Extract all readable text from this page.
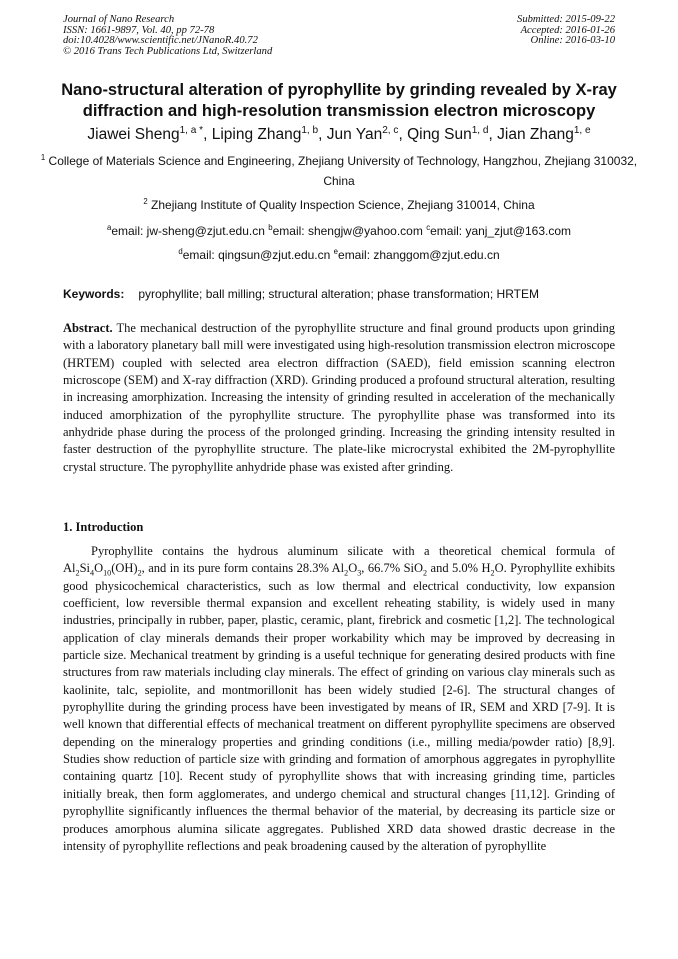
Journal of Nano Research
ISSN: 1661-9897, Vol. 40, pp 72-78
doi:10.4028/www.scientific.net/JNanoR.40.72
© 2016 Trans Tech Publications Ltd, Switzerland
Submitted: 2015-09-22
Accepted: 2016-01-26
Online: 2016-03-10
Nano-structural alteration of pyrophyllite by grinding revealed by X-ray diffraction and high-resolution transmission electron microscopy
Jiawei Sheng$^{1, a *}$, Liping Zhang$^{1, b}$, Jun Yan$^{2, c}$, Qing Sun$^{1, d}$, Jian Zhang$^{1, e}$
$^1$ College of Materials Science and Engineering, Zhejiang University of Technology, Hangzhou, Zhejiang 310032, China
$^2$ Zhejiang Institute of Quality Inspection Science, Zhejiang 310014, China
$^a$email: jw-sheng@zjut.edu.cn $^b$email: shengjw@yahoo.com $^c$email: yanj_zjut@163.com
$^d$email: qingsun@zjut.edu.cn $^e$email: zhanggom@zjut.edu.cn
Keywords: pyrophyllite; ball milling; structural alteration; phase transformation; HRTEM
Abstract. The mechanical destruction of the pyrophyllite structure and final ground products upon grinding with a laboratory planetary ball mill were investigated using high-resolution transmission electron microscope (HRTEM) coupled with selected area electron diffraction (SAED), field emission scanning electron microscope (SEM) and X-ray diffraction (XRD). Grinding produced a profound structural alteration, resulting in increasing amorphization. Increasing the intensity of grinding resulted in acceleration of the mechanically induced amorphization of the pyrophyllite structure. The pyrophyllite phase was transformed into its anhydride phase during the process of the prolonged grinding. Increasing the grinding intensity resulted in faster destruction of the pyrophyllite structure. The plate-like microcrystal exhibited the 2M-pyrophyllite crystal structure. The pyrophyllite anhydride phase was existed after grinding.
1. Introduction
Pyrophyllite contains the hydrous aluminum silicate with a theoretical chemical formula of $Al_2Si_4O_{10}(OH)_2$, and in its pure form contains 28.3% $Al_2O_3$, 66.7% SiO$_2$ and 5.0% $H_2O$. Pyrophyllite exhibits good physicochemical characteristics, such as low thermal and electrical conductivity, low expansion coefficient, low reversible thermal expansion and excellent reheating stability, is widely used in many industries, principally in rubber, paper, plastic, ceramic, plant, firebrick and cosmetic [1,2]. The technological application of clay minerals demands their proper workability which may be improved by decreasing in particle size. Mechanical treatment by grinding is a useful technique for generating desired products with fine structures from raw materials including clay minerals. The effect of grinding on various clay minerals such as kaolinite, talc, sepiolite, and montmorillonit has been widely studied [2-6]. The structural changes of pyrophyllite during the grinding process have been investigated by means of IR, SEM and XRD [7-9]. It is well known that differential effects of mechanical treatment on different pyrophyllite specimens are observed depending on the mineralogy properties and grinding conditions (i.e., milling media/powder ratio) [8,9]. Studies show reduction of particle size with grinding and formation of amorphous aggregates in pyrophyllite containing quartz [10]. Recent study of pyrophyllite shows that with increasing grinding time, particles initially break, then form agglomerates, and undergo chemical and structural changes [11,12]. Grinding of pyrophyllite significantly influences the thermal behavior of the material, by decreasing its particle size or produces amorphous alumina silicate aggregates. Published XRD data showed drastic decrease in the intensity of pyrophyllite reflections and peak broadening caused by the alteration of pyrophyllite
